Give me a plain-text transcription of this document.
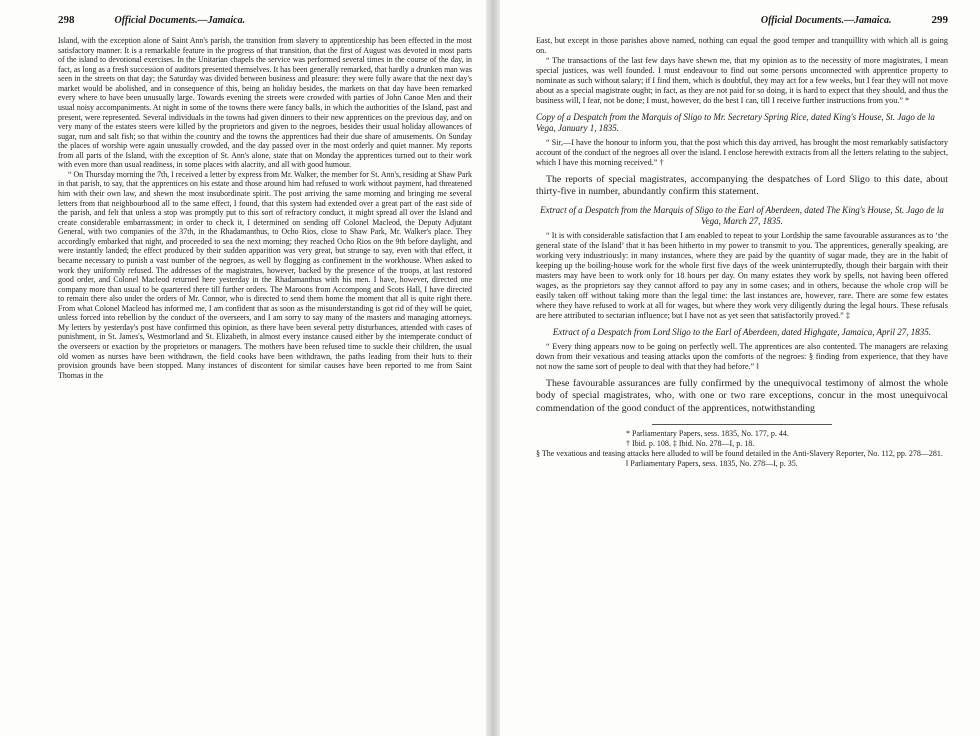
298	Official Documents.—Jamaica.

Island, with the exception alone of Saint Ann's parish, the transition from slavery to apprenticeship has been effected in the most satisfactory manner. It is a remarkable feature in the progress of that transition, that the first of August was devoted in most parts of the island to devotional exercises. In the Unitarian chapels the service was performed several times in the course of the day, in fact, as long as a fresh succession of auditors presented themselves. It has been generally remarked, that hardly a drunken man was seen in the streets on that day; the Saturday was divided between business and pleasure: they were fully aware that the next day's market would be abolished, and in consequence of this, being an holiday besides, the markets on that day have been remarked every where to have been unusually large. Towards evening the streets were crowded with parties of John Canoe Men and their usual noisy accompaniments. At night in some of the towns there were fancy balls, in which the authorities of the Island, past and present, were represented. Several individuals in the towns had given dinners to their new apprentices on the previous day, and on very many of the estates steers were killed by the proprietors and given to the negroes, besides their usual holiday allowances of sugar, rum and salt fish; so that within the country and the towns the apprentices had their due share of amusements. On Sunday the places of worship were again unusually crowded, and the day passed over in the most orderly and quiet manner. My reports from all parts of the Island, with the exception of St. Ann's alone, state that on Monday the apprentices turned out to their work with even more than usual readiness, in some places with alacrity, and all with good humour.

“ On Thursday morning the 7th, I received a letter by express from Mr. Walker, the member for St. Ann's, residing at Shaw Park in that parish, to say, that the apprentices on his estate and those around him had refused to work without payment, had threatened him with their own law, and shewn the most insubordinate spirit. The post arriving the same morning and bringing me several letters from that neighbourhood all to the same effect, I found, that this system had extended over a great part of the east side of the parish, and felt that unless a stop was promptly put to this sort of refractory conduct, it might spread all over the Island and create considerable embarrassment; in order to check it, I determined on sending off Colonel Macleod, the Deputy Adjutant General, with two companies of the 37th, in the Rhadamanthus, to Ocho Rios, close to Shaw Park, Mr. Walker's place. They accordingly embarked that night, and proceeded to sea the next morning; they reached Ocho Rios on the 9th before daylight, and were instantly landed; the effect produced by their sudden apparition was very great, but strange to say, even with that effect, it became necessary to punish a vast number of the negroes, as well by flogging as confinement in the workhouse. When asked to work they uniformly refused. The addresses of the magistrates, however, backed by the presence of the troops, at last restored good order, and Colonel Macleod returned here yesterday in the Rhadamanthus with his men. I have, however, directed one company more than usual to be quartered there till further orders. The Maroons from Accompong and Scots Hall, I have directed to remain there also under the orders of Mr. Connor, who is directed to send them home the moment that all is quite right there. From what Colonel Macleod has informed me, I am confident that as soon as the misunderstanding is got rid of they will be quiet, unless forced into rebellion by the conduct of the overseers, and I am sorry to say many of the masters and managing attorneys. My letters by yesterday's post have confirmed this opinion, as there have been several petty disturbances, attended with cases of punishment, in St. James's, Westmorland and St. Elizabeth, in almost every instance caused either by the intemperate conduct of the overseers or exaction by the proprietors or managers. The mothers have been refused time to suckle their children, the usual old women as nurses have been withdrawn, the field cooks have been withdrawn, the paths leading from their huts to their provision grounds have been stopped. Many instances of discontent for similar causes have been reported to me from Saint Thomas in the

Official Documents.—Jamaica.	299

East, but except in those parishes above named, nothing can equal the good temper and tranquillity with which all is going on.

“ The transactions of the last few days have shewn me, that my opinion as to the necessity of more magistrates, I mean special justices, was well founded. I must endeavour to find out some persons unconnected with apprentice property to nominate as such without salary; if I find them, which is doubtful, they may act for a few weeks, but I fear they will not move about as a special magistrate ought; in fact, as they are not paid for so doing, it is hard to expect that they should, and thus the business will, I fear, not be done; I must, however, do the best I can, till I receive further instructions from you.” *

Copy of a Despatch from the Marquis of Sligo to Mr. Secretary Spring Rice, dated King's House, St. Jago de la Vega, January 1, 1835.

“ Sir,—I have the honour to inform you, that the post which this day arrived, has brought the most remarkably satisfactory account of the conduct of the negroes all over the island. I enclose herewith extracts from all the letters relating to the subject, which I have this morning received.” †

The reports of special magistrates, accompanying the despatches of Lord Sligo to this date, about thirty-five in number, abundantly confirm this statement.

Extract of a Despatch from the Marquis of Sligo to the Earl of Aberdeen, dated The King's House, St. Jago de la Vega, March 27, 1835.

“ It is with considerable satisfaction that I am enabled to repeat to your Lordship the same favourable assurances as to ‘the general state of the Island’ that it has been hitherto in my power to transmit to you. The apprentices, generally speaking, are working very industriously: in many instances, where they are paid by the quantity of sugar made, they are in the habit of keeping up the boiling-house work for the whole first five days of the week uninterruptedly, though their bargain with their masters may have been to work only for 18 hours per day. On many estates they work by spells, not having been offered wages, as the proprietors say they cannot afford to pay any in some cases; and in others, because the whole crop will be easily taken off without taking more than the legal time: the last instances are, however, rare. There are some few estates where they have refused to work at all for wages, but where they work very diligently during the legal hours. These refusals are here attributed to sectarian influence; but I have not as yet seen that satisfactorily proved.” ‡

Extract of a Despatch from Lord Sligo to the Earl of Aberdeen, dated Highgate, Jamaica, April 27, 1835.

“ Every thing appears now to be going on perfectly well. The apprentices are also contented. The managers are relaxing down from their vexatious and teasing attacks upon the comforts of the negroes: § finding from experience, that they have not now the same sort of people to deal with that they had before.” ‖

These favourable assurances are fully confirmed by the unequivocal testimony of almost the whole body of special magistrates, who, with one or two rare exceptions, concur in the most unequivocal commendation of the good conduct of the apprentices, notwithstanding

* Parliamentary Papers, sess. 1835, No. 177, p. 44.
† Ibid. p. 108. ‡ Ibid. No. 278—I, p. 18.
§ The vexatious and teasing attacks here alluded to will be found detailed in the Anti-Slavery Reporter, No. 112, pp. 278—281.
‖ Parliamentary Papers, sess. 1835, No. 278—I, p. 35.
